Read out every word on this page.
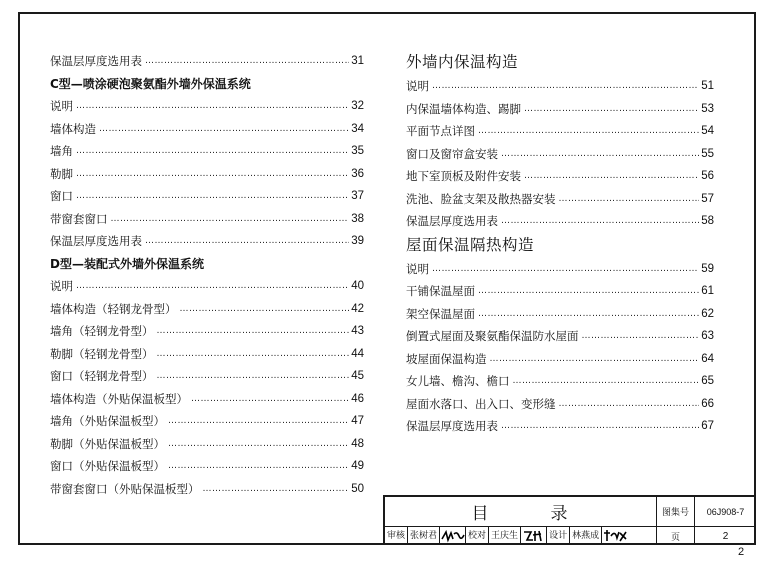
保温层厚度选用表 ………………………………………………………………………………………………………………	31
C型—喷涂硬泡聚氨酯外墙外保温系统
说明 ………………………………………………………………………………………………………………	32
墙体构造 ………………………………………………………………………………………………………………	34
墙角 ………………………………………………………………………………………………………………	35
勒脚 ………………………………………………………………………………………………………………	36
窗口 ………………………………………………………………………………………………………………	37
带窗套窗口 ………………………………………………………………………………………………………………	38
保温层厚度选用表 ………………………………………………………………………………………………………………	39
D型—装配式外墙外保温系统
说明 ………………………………………………………………………………………………………………	40
墙体构造（轻钢龙骨型） ………………………………………………………………………………………………………………	42
墙角（轻钢龙骨型） ………………………………………………………………………………………………………………	43
勒脚（轻钢龙骨型） ………………………………………………………………………………………………………………	44
窗口（轻钢龙骨型） ………………………………………………………………………………………………………………	45
墙体构造（外贴保温板型） ………………………………………………………………………………………………………………	46
墙角（外贴保温板型） ………………………………………………………………………………………………………………	47
勒脚（外贴保温板型） ………………………………………………………………………………………………………………	48
窗口（外贴保温板型） ………………………………………………………………………………………………………………	49
带窗套窗口（外贴保温板型） ………………………………………………………………………………………………………………	50
外墙内保温构造
说明 ………………………………………………………………………………………………………………	51
内保温墙体构造、踢脚 ………………………………………………………………………………………………………………	53
平面节点详图 ………………………………………………………………………………………………………………	54
窗口及窗帘盒安装 ………………………………………………………………………………………………………………	55
地下室顶板及附件安装 ………………………………………………………………………………………………………………	56
洗池、脸盆支架及散热器安装 ………………………………………………………………………………………………………………	57
保温层厚度选用表 ………………………………………………………………………………………………………………	58
屋面保温隔热构造
说明 ………………………………………………………………………………………………………………	59
干铺保温屋面 ………………………………………………………………………………………………………………	61
架空保温屋面 ………………………………………………………………………………………………………………	62
倒置式屋面及聚氨酯保温防水屋面 ………………………………………………………………………………………………………………	63
坡屋面保温构造 ………………………………………………………………………………………………………………	64
女儿墙、檐沟、檐口 ………………………………………………………………………………………………………………	65
屋面水落口、出入口、变形缝 ………………………………………………………………………………………………………………	66
保温层厚度选用表 ………………………………………………………………………………………………………………	67
目	录	图集号	06J908-7
审核 张树君	校对 王庆生	设计 林燕成	页	2
2
